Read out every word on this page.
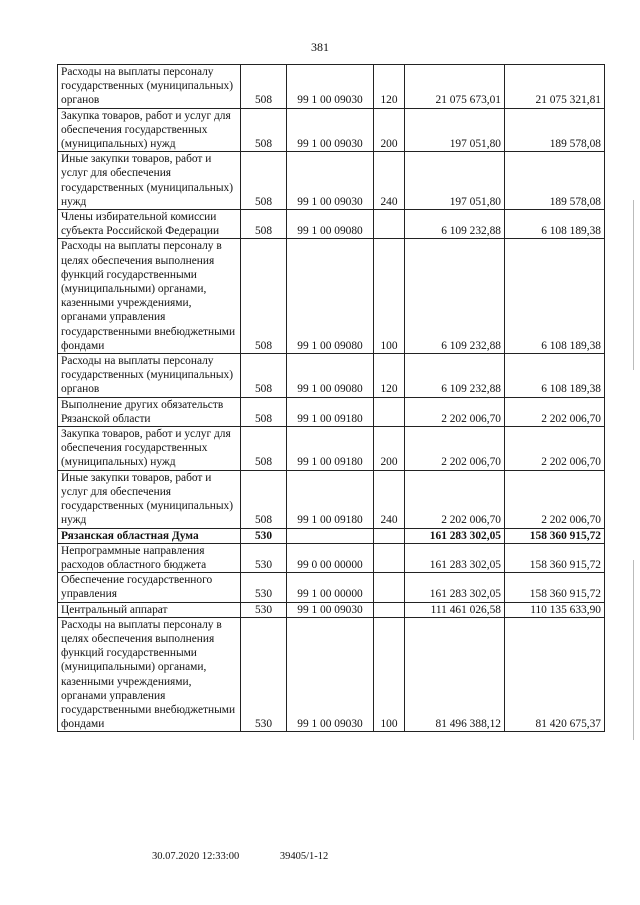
381
Расходы на выплаты персоналу государственных (муниципальных) органов	508	99 1 00 09030	120	21 075 673,01	21 075 321,81
Закупка товаров, работ и услуг для обеспечения государственных (муниципальных) нужд	508	99 1 00 09030	200	197 051,80	189 578,08
Иные закупки товаров, работ и услуг для обеспечения государственных (муниципальных) нужд	508	99 1 00 09030	240	197 051,80	189 578,08
Члены избирательной комиссии субъекта Российской Федерации	508	99 1 00 09080		6 109 232,88	6 108 189,38
Расходы на выплаты персоналу в целях обеспечения выполнения функций государственными (муниципальными) органами, казенными учреждениями, органами управления государственными внебюджетными фондами	508	99 1 00 09080	100	6 109 232,88	6 108 189,38
Расходы на выплаты персоналу государственных (муниципальных) органов	508	99 1 00 09080	120	6 109 232,88	6 108 189,38
Выполнение других обязательств Рязанской области	508	99 1 00 09180		2 202 006,70	2 202 006,70
Закупка товаров, работ и услуг для обеспечения государственных (муниципальных) нужд	508	99 1 00 09180	200	2 202 006,70	2 202 006,70
Иные закупки товаров, работ и услуг для обеспечения государственных (муниципальных) нужд	508	99 1 00 09180	240	2 202 006,70	2 202 006,70
Рязанская областная Дума	530			161 283 302,05	158 360 915,72
Непрограммные направления расходов областного бюджета	530	99 0 00 00000		161 283 302,05	158 360 915,72
Обеспечение государственного управления	530	99 1 00 00000		161 283 302,05	158 360 915,72
Центральный аппарат	530	99 1 00 09030		111 461 026,58	110 135 633,90
Расходы на выплаты персоналу в целях обеспечения выполнения функций государственными (муниципальными) органами, казенными учреждениями, органами управления государственными внебюджетными фондами	530	99 1 00 09030	100	81 496 388,12	81 420 675,37
30.07.2020 12:33:00	39405/1-12
